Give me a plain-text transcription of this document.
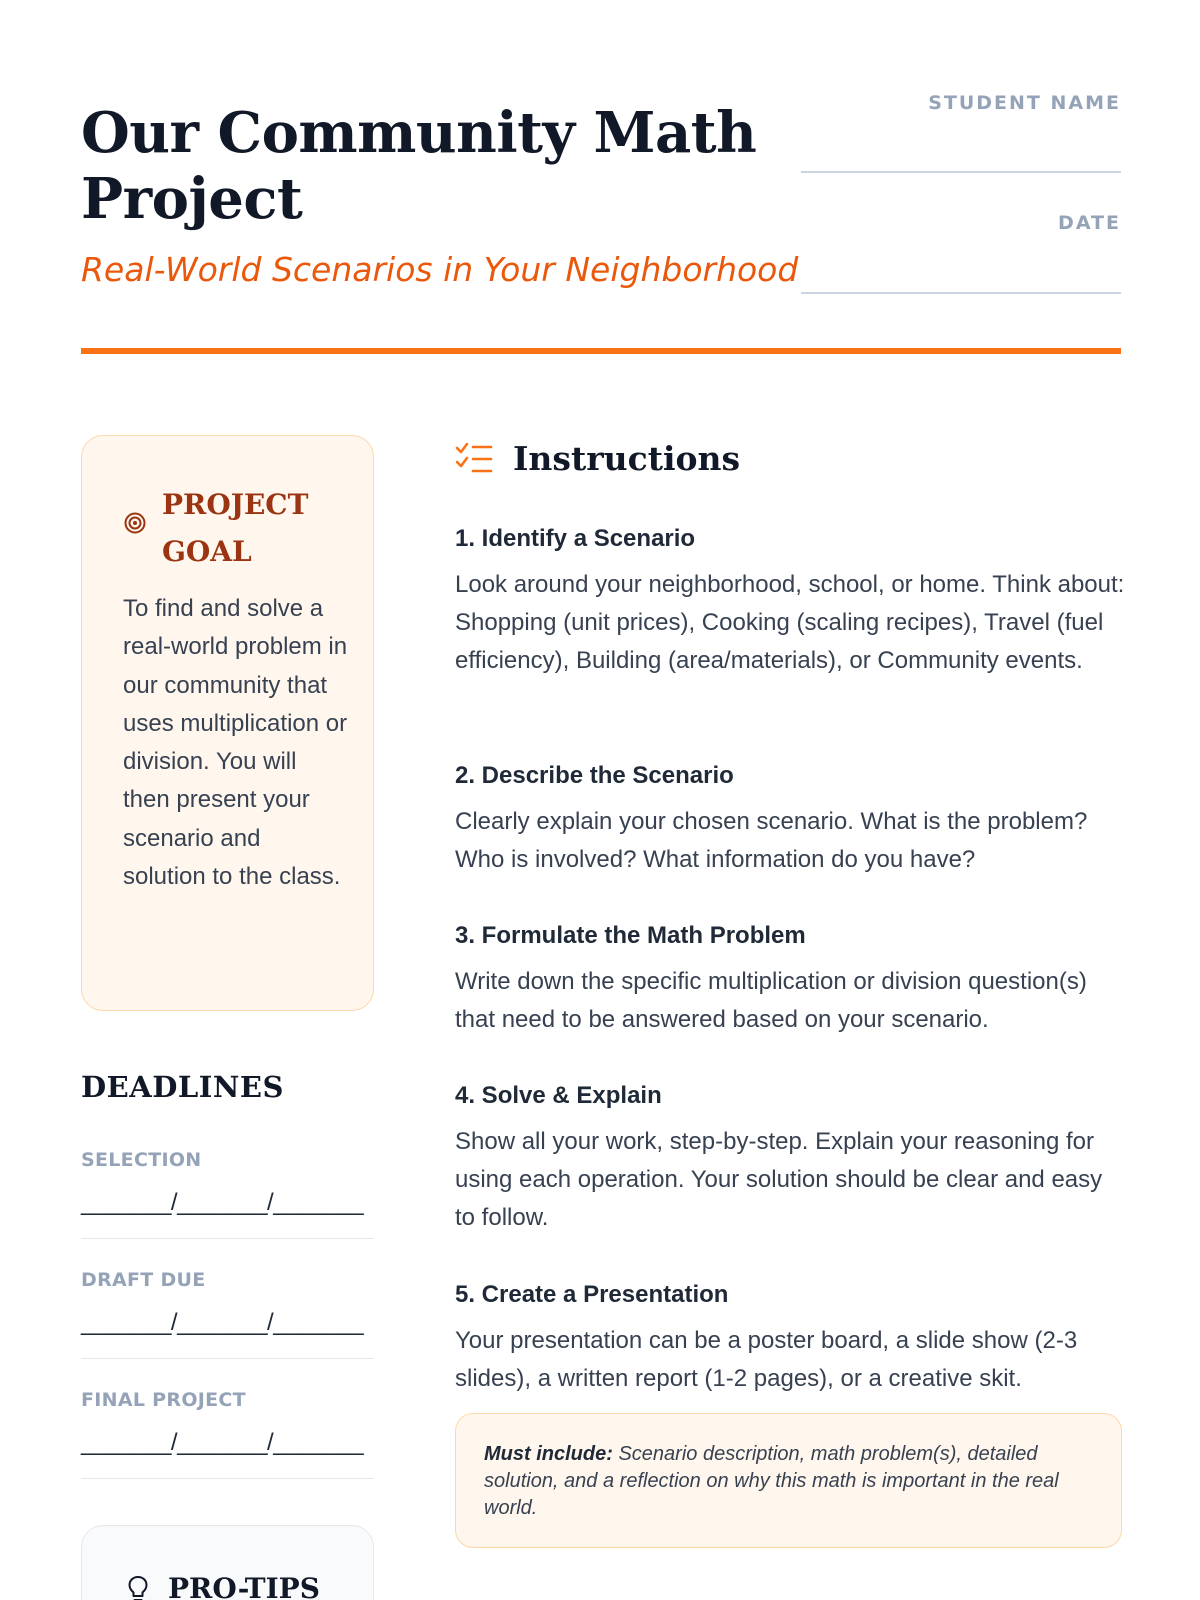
Our Community Math Project
Real-World Scenarios in Your Neighborhood
STUDENT NAME
DATE
PROJECT GOAL

To find and solve a real-world problem in our community that uses multiplication or division. You will then present your scenario and solution to the class.

DEADLINES
SELECTION
_______/_______/_______
DRAFT DUE
_______/_______/_______
FINAL PROJECT
_______/_______/_______
PRO-TIPS
Instructions
1. Identify a Scenario

Look around your neighborhood, school, or home. Think about: Shopping (unit prices), Cooking (scaling recipes), Travel (fuel efficiency), Building (area/materials), or Community events.

2. Describe the Scenario

Clearly explain your chosen scenario. What is the problem? Who is involved? What information do you have?

3. Formulate the Math Problem

Write down the specific multiplication or division question(s) that need to be answered based on your scenario.

4. Solve & Explain

Show all your work, step-by-step. Explain your reasoning for using each operation. Your solution should be clear and easy to follow.

5. Create a Presentation

Your presentation can be a poster board, a slide show (2-3 slides), a written report (1-2 pages), or a creative skit.

Must include: Scenario description, math problem(s), detailed solution, and a reflection on why this math is important in the real world.
